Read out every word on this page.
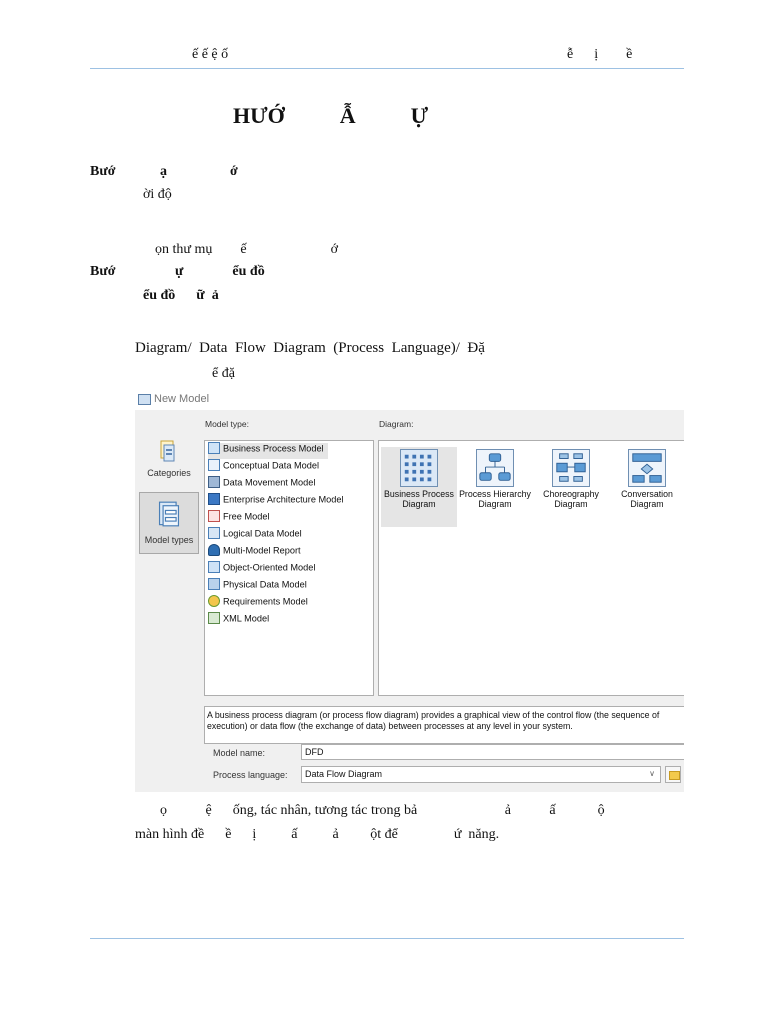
ế ế ệ ố	ễ      ị        ề
HƯỚ          Ẫ          Ự
Bướ	ạ                  ớ
ời độ
ọn thư mụ        ế                        ớ
Bướ	ự              ểu đồ
ểu đồ      ữ  ả
Diagram/  Data  Flow  Diagram  (Process  Language)/  Đặ
ể đặ
New Model
Categories
Model types
Model type:	Diagram:
Business Process Model
Conceptual Data Model
Data Movement Model
Enterprise Architecture Model
Free Model
Logical Data Model
Multi-Model Report
Object-Oriented Model
Physical Data Model
Requirements Model
XML Model
Business Process
Diagram
Process Hierarchy
Diagram
Choreography
Diagram
Conversation
Diagram
A business process diagram (or process flow diagram) provides a graphical view of the control flow (the sequence of execution) or data flow (the exchange of data) between processes at any level in your system.
Model name:	DFD
Process language:	Data Flow Diagram	∨
ọ           ệ      ống, tác nhân, tương tác trong bả                         ả           ấ            ộ
màn hình đề      ề      ị          ấ          ả         ột để                ứ  năng.
